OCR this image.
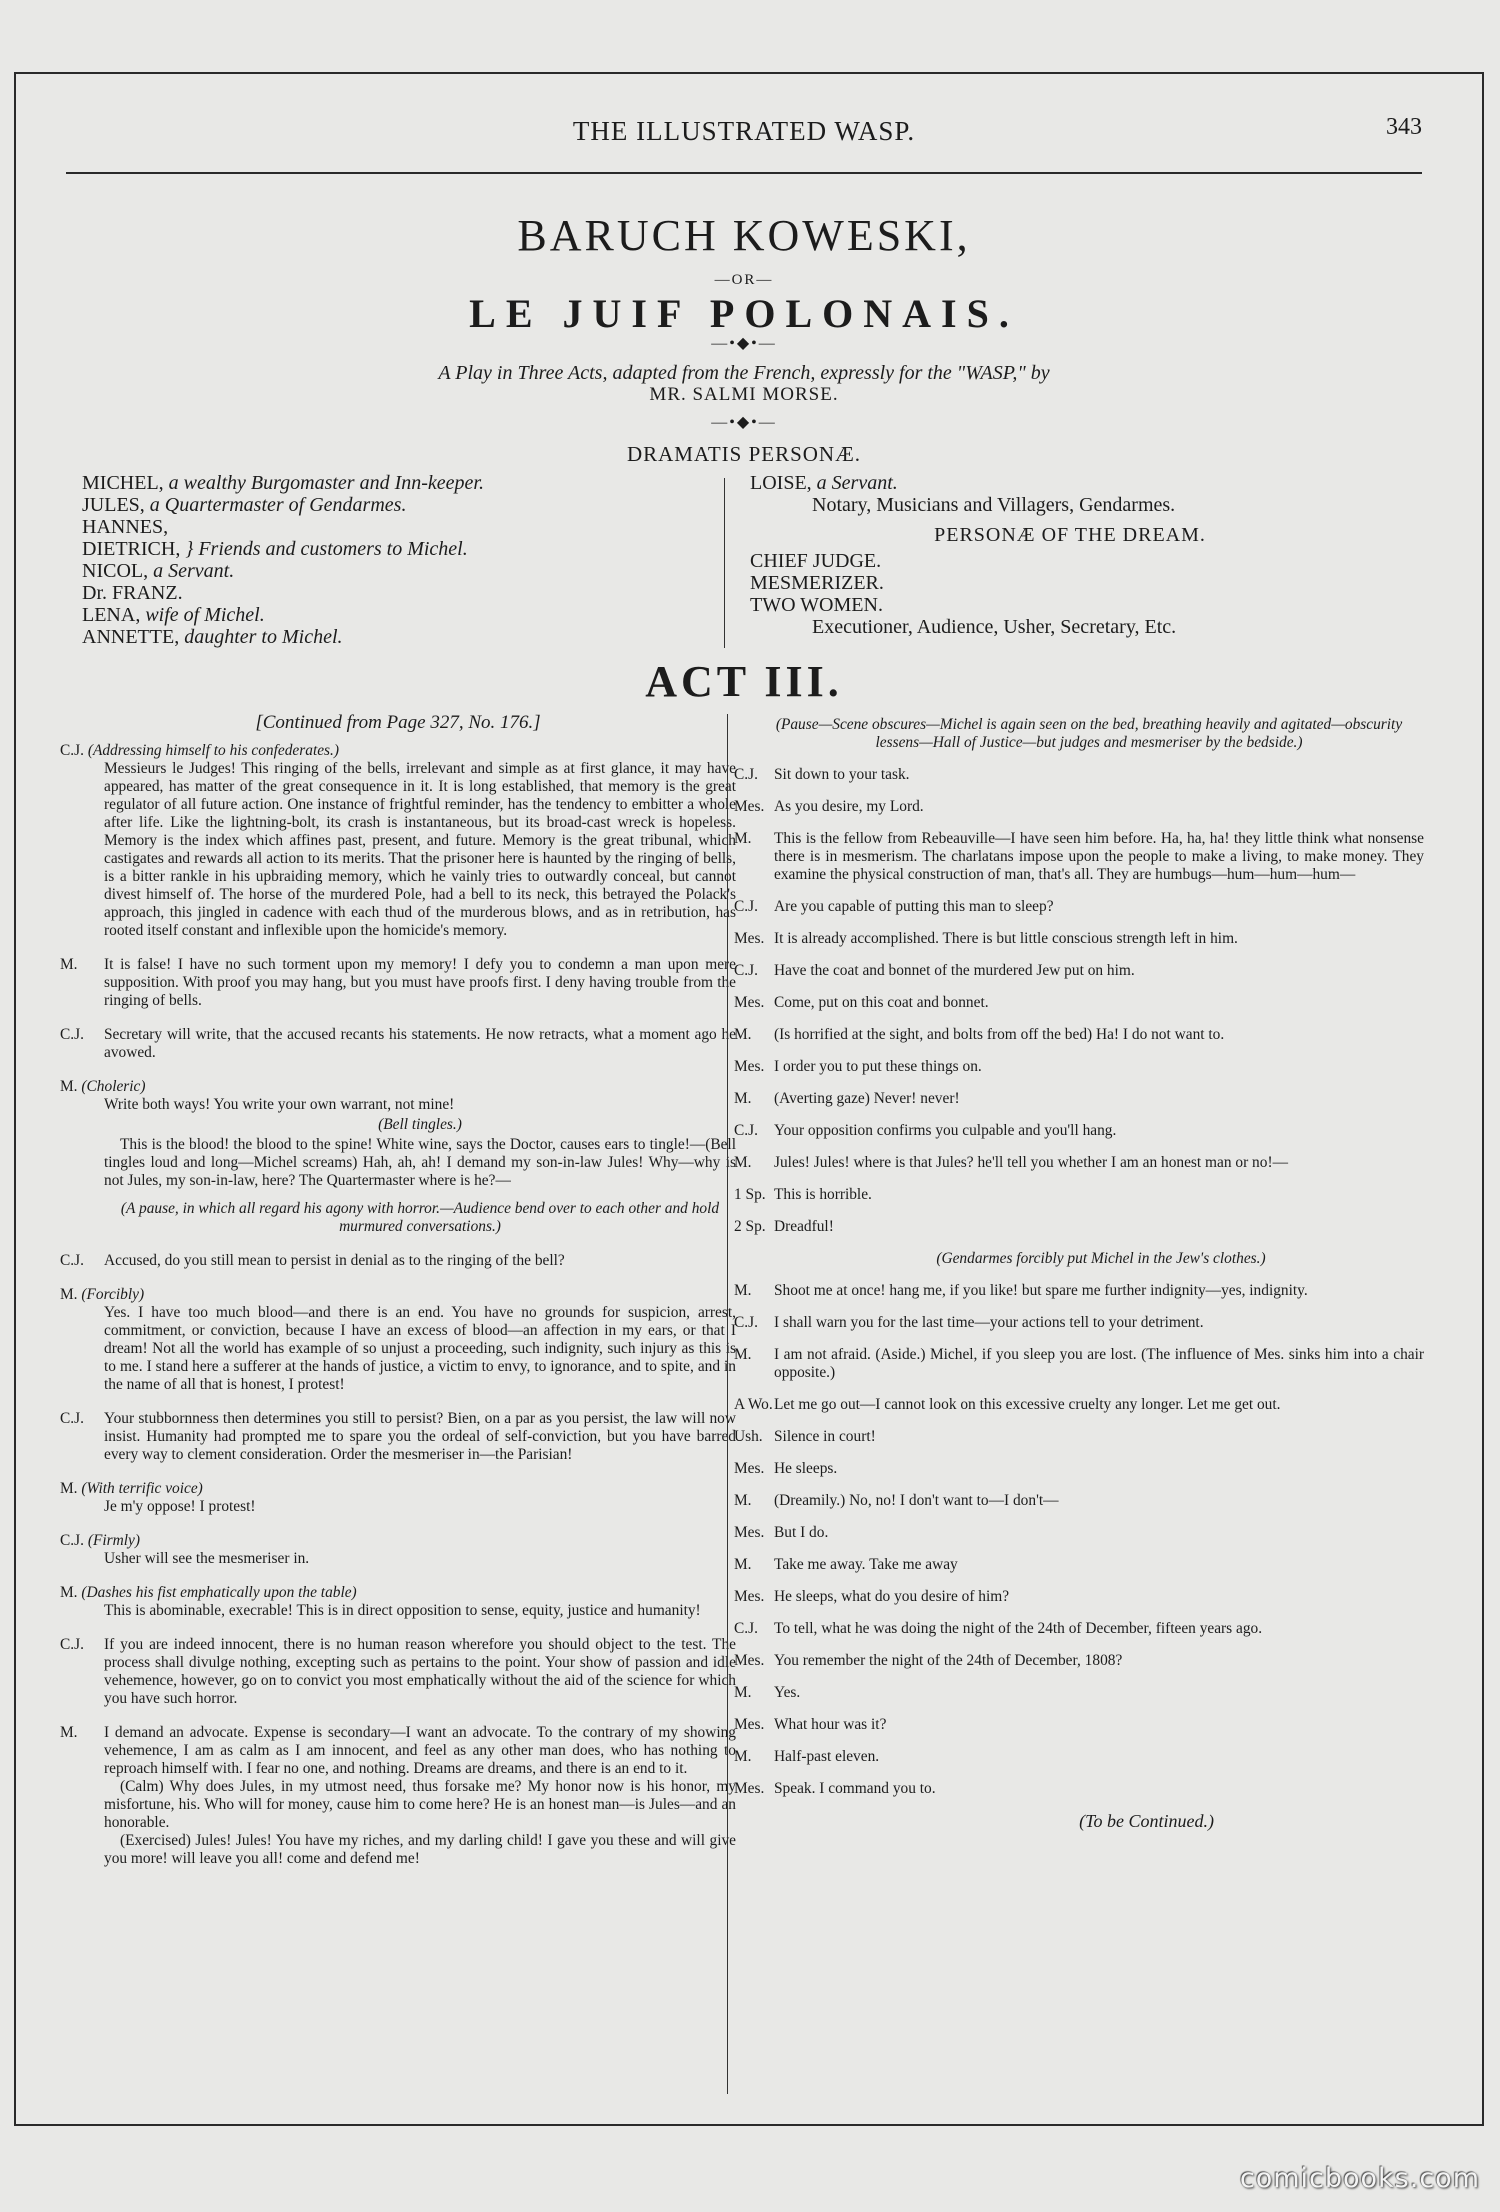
THE ILLUSTRATED WASP.	343
BARUCH KOWESKI,
—OR—
LE JUIF POLONAIS.
—•◆•—
A Play in Three Acts, adapted from the French, expressly for the "WASP," by
MR. SALMI MORSE.
—•◆•—
DRAMATIS PERSONÆ.
MICHEL, a wealthy Burgomaster and Inn-keeper.
JULES, a Quartermaster of Gendarmes.
HANNES,
DIETRICH, } Friends and customers to Michel.
NICOL, a Servant.
Dr. FRANZ.
LENA, wife of Michel.
ANNETTE, daughter to Michel.
LOISE, a Servant.
Notary, Musicians and Villagers, Gendarmes.
PERSONÆ OF THE DREAM.
CHIEF JUDGE.
MESMERIZER.
TWO WOMEN.
Executioner, Audience, Usher, Secretary, Etc.
ACT III.
[Continued from Page 327, No. 176.]
C.J. (Addressing himself to his confederates.)

Messieurs le Judges! This ringing of the bells, irrelevant and simple as at first glance, it may have appeared, has matter of the great consequence in it. It is long established, that memory is the great regulator of all future action. One instance of frightful reminder, has the tendency to embitter a whole after life. Like the lightning-bolt, its crash is instantaneous, but its broad-cast wreck is hopeless. Memory is the index which affines past, present, and future. Memory is the great tribunal, which castigates and rewards all action to its merits. That the prisoner here is haunted by the ringing of bells, is a bitter rankle in his upbraiding memory, which he vainly tries to outwardly conceal, but cannot divest himself of. The horse of the murdered Pole, had a bell to its neck, this betrayed the Polack's approach, this jingled in cadence with each thud of the murderous blows, and as in retribution, has rooted itself constant and inflexible upon the homicide's memory.

M.	It is false! I have no such torment upon my memory! I defy you to condemn a man upon mere supposition. With proof you may hang, but you must have proofs first. I deny having trouble from the ringing of bells.

C.J.	Secretary will write, that the accused recants his statements. He now retracts, what a moment ago he avowed.

M. (Choleric)

Write both ways! You write your own warrant, not mine!

(Bell tingles.)

This is the blood! the blood to the spine! White wine, says the Doctor, causes ears to tingle!—(Bell tingles loud and long—Michel screams) Hah, ah, ah! I demand my son-in-law Jules! Why—why is not Jules, my son-in-law, here? The Quartermaster where is he?—

(A pause, in which all regard his agony with horror.—Audience bend over to each other and hold murmured conversations.)
C.J.	Accused, do you still mean to persist in denial as to the ringing of the bell?

M. (Forcibly)

Yes. I have too much blood—and there is an end. You have no grounds for suspicion, arrest, commitment, or conviction, because I have an excess of blood—an affection in my ears, or that I dream! Not all the world has example of so unjust a proceeding, such indignity, such injury as this is to me. I stand here a sufferer at the hands of justice, a victim to envy, to ignorance, and to spite, and in the name of all that is honest, I protest!

C.J.	Your stubbornness then determines you still to persist? Bien, on a par as you persist, the law will now insist. Humanity had prompted me to spare you the ordeal of self-conviction, but you have barred every way to clement consideration. Order the mesmeriser in—the Parisian!

M. (With terrific voice)

Je m'y oppose! I protest!

C.J. (Firmly)

Usher will see the mesmeriser in.

M. (Dashes his fist emphatically upon the table)

This is abominable, execrable! This is in direct opposition to sense, equity, justice and humanity!

C.J.	If you are indeed innocent, there is no human reason wherefore you should object to the test. The process shall divulge nothing, excepting such as pertains to the point. Your show of passion and idle vehemence, however, go on to convict you most emphatically without the aid of the science for which you have such horror.

M.	I demand an advocate. Expense is secondary—I want an advocate. To the contrary of my showing vehemence, I am as calm as I am innocent, and feel as any other man does, who has nothing to reproach himself with. I fear no one, and nothing. Dreams are dreams, and there is an end to it.

(Calm) Why does Jules, in my utmost need, thus forsake me? My honor now is his honor, my misfortune, his. Who will for money, cause him to come here? He is an honest man—is Jules—and an honorable.

(Exercised) Jules! Jules! You have my riches, and my darling child! I gave you these and will give you more! will leave you all! come and defend me!

(Pause—Scene obscures—Michel is again seen on the bed, breathing heavily and agitated—obscurity lessens—Hall of Justice—but judges and mesmeriser by the bedside.)
C.J.	Sit down to your task.

Mes. As you desire, my Lord.

M.	This is the fellow from Rebeauville—I have seen him before. Ha, ha, ha! they little think what nonsense there is in mesmerism. The charlatans impose upon the people to make a living, to make money. They examine the physical construction of man, that's all. They are humbugs—hum—hum—hum—

C.J.	Are you capable of putting this man to sleep?

Mes. It is already accomplished. There is but little conscious strength left in him.

C.J.	Have the coat and bonnet of the murdered Jew put on him.

Mes. Come, put on this coat and bonnet.

M.	(Is horrified at the sight, and bolts from off the bed) Ha! I do not want to.

Mes. I order you to put these things on.

M.	(Averting gaze) Never! never!

C.J.	Your opposition confirms you culpable and you'll hang.

M.	Jules! Jules! where is that Jules? he'll tell you whether I am an honest man or no!—

1 Sp. This is horrible.

2 Sp. Dreadful!

(Gendarmes forcibly put Michel in the Jew's clothes.)
M.	Shoot me at once! hang me, if you like! but spare me further indignity—yes, indignity.

C.J.	I shall warn you for the last time—your actions tell to your detriment.

M.	I am not afraid. (Aside.) Michel, if you sleep you are lost. (The influence of Mes. sinks him into a chair opposite.)

A Wo. Let me go out—I cannot look on this excessive cruelty any longer. Let me get out.

Ush. Silence in court!

Mes. He sleeps.

M.	(Dreamily.) No, no! I don't want to—I don't—

Mes. But I do.

M.	Take me away. Take me away

Mes. He sleeps, what do you desire of him?

C.J.	To tell, what he was doing the night of the 24th of December, fifteen years ago.

Mes. You remember the night of the 24th of December, 1808?

M.	Yes.

Mes. What hour was it?

M.	Half-past eleven.

Mes. Speak. I command you to.

(To be Continued.)
comicbooks.com
